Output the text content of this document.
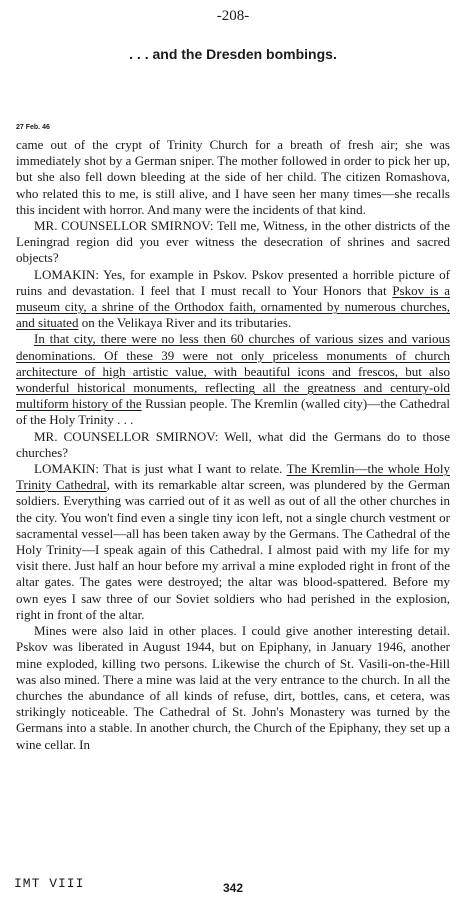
-208-
. . . and the Dresden bombings.
27 Feb. 46

came out of the crypt of Trinity Church for a breath of fresh air; she was immediately shot by a German sniper. The mother followed in order to pick her up, but she also fell down bleeding at the side of her child. The citizen Romashova, who related this to me, is still alive, and I have seen her many times—she recalls this incident with horror. And many were the incidents of that kind.

MR. COUNSELLOR SMIRNOV: Tell me, Witness, in the other districts of the Leningrad region did you ever witness the desecration of shrines and sacred objects?

LOMAKIN: Yes, for example in Pskov. Pskov presented a horrible picture of ruins and devastation. I feel that I must recall to Your Honors that Pskov is a museum city, a shrine of the Orthodox faith, ornamented by numerous churches, and situated on the Velikaya River and its tributaries.

In that city, there were no less then 60 churches of various sizes and various denominations. Of these 39 were not only priceless monuments of church architecture of high artistic value, with beautiful icons and frescos, but also wonderful historical monuments, reflecting all the greatness and century-old multiform history of the Russian people. The Kremlin (walled city)—the Cathedral of the Holy Trinity . . .

MR. COUNSELLOR SMIRNOV: Well, what did the Germans do to those churches?

LOMAKIN: That is just what I want to relate. The Kremlin—the whole Holy Trinity Cathedral, with its remarkable altar screen, was plundered by the German soldiers. Everything was carried out of it as well as out of all the other churches in the city. You won't find even a single tiny icon left, not a single church vestment or sacramental vessel—all has been taken away by the Germans. The Cathedral of the Holy Trinity—I speak again of this Cathedral. I almost paid with my life for my visit there. Just half an hour before my arrival a mine exploded right in front of the altar gates. The gates were destroyed; the altar was blood-spattered. Before my own eyes I saw three of our Soviet soldiers who had perished in the explosion, right in front of the altar.

Mines were also laid in other places. I could give another interesting detail. Pskov was liberated in August 1944, but on Epiphany, in January 1946, another mine exploded, killing two persons. Likewise the church of St. Vasili-on-the-Hill was also mined. There a mine was laid at the very entrance to the church. In all the churches the abundance of all kinds of refuse, dirt, bottles, cans, et cetera, was strikingly noticeable. The Cathedral of St. John's Monastery was turned by the Germans into a stable. In another church, the Church of the Epiphany, they set up a wine cellar. In

IMT VIII	342
